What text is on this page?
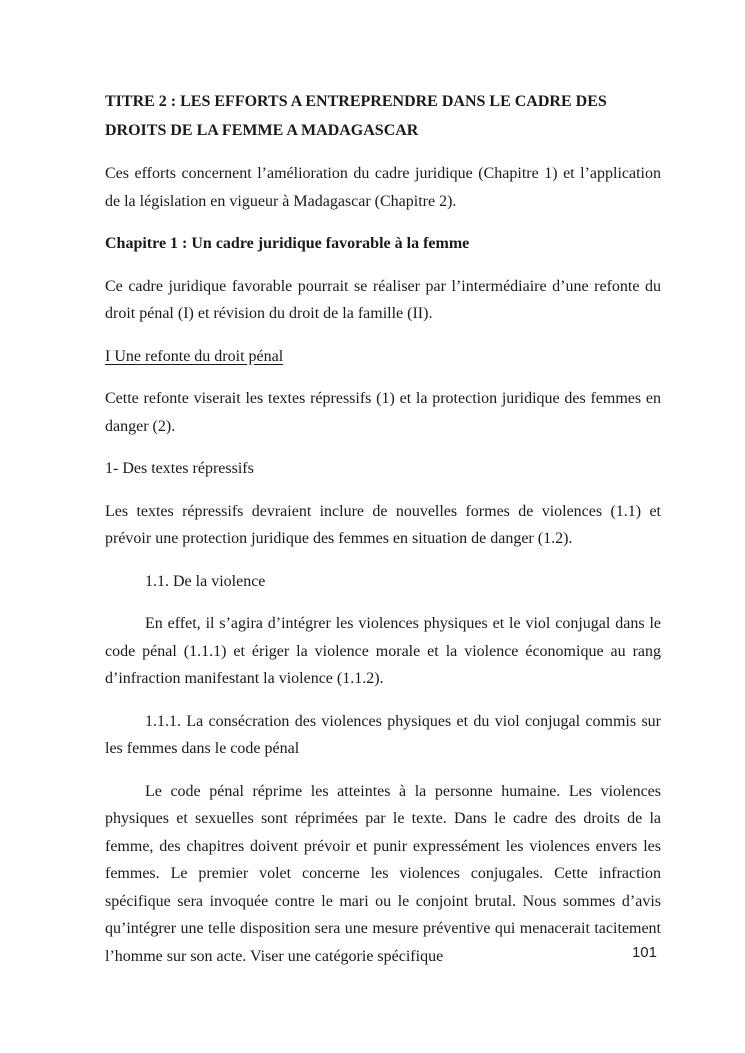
TITRE 2 : LES EFFORTS A ENTREPRENDRE DANS LE CADRE DES DROITS DE LA FEMME A MADAGASCAR

Ces efforts concernent l’amélioration du cadre juridique (Chapitre 1) et l’application de la législation en vigueur à Madagascar (Chapitre 2).

Chapitre 1 : Un cadre juridique favorable à la femme

Ce cadre juridique favorable pourrait se réaliser par l’intermédiaire d’une refonte du droit pénal (I) et révision du droit de la famille (II).

I Une refonte du droit pénal

Cette refonte viserait les textes répressifs (1) et la protection juridique des femmes en danger (2).

1- Des textes répressifs

Les textes répressifs devraient inclure de nouvelles formes de violences (1.1) et prévoir une protection juridique des femmes en situation de danger (1.2).

1.1. De la violence

En effet, il s’agira d’intégrer les violences physiques et le viol conjugal dans le code pénal (1.1.1) et ériger la violence morale et la violence économique au rang d’infraction manifestant la violence (1.1.2).

1.1.1. La consécration des violences physiques et du viol conjugal commis sur les femmes dans le code pénal

Le code pénal réprime les atteintes à la personne humaine. Les violences physiques et sexuelles sont réprimées par le texte. Dans le cadre des droits de la femme, des chapitres doivent prévoir et punir expressément les violences envers les femmes. Le premier volet concerne les violences conjugales. Cette infraction spécifique sera invoquée contre le mari ou le conjoint brutal. Nous sommes d’avis qu’intégrer une telle disposition sera une mesure préventive qui menacerait tacitement l’homme sur son acte. Viser une catégorie spécifique	101
